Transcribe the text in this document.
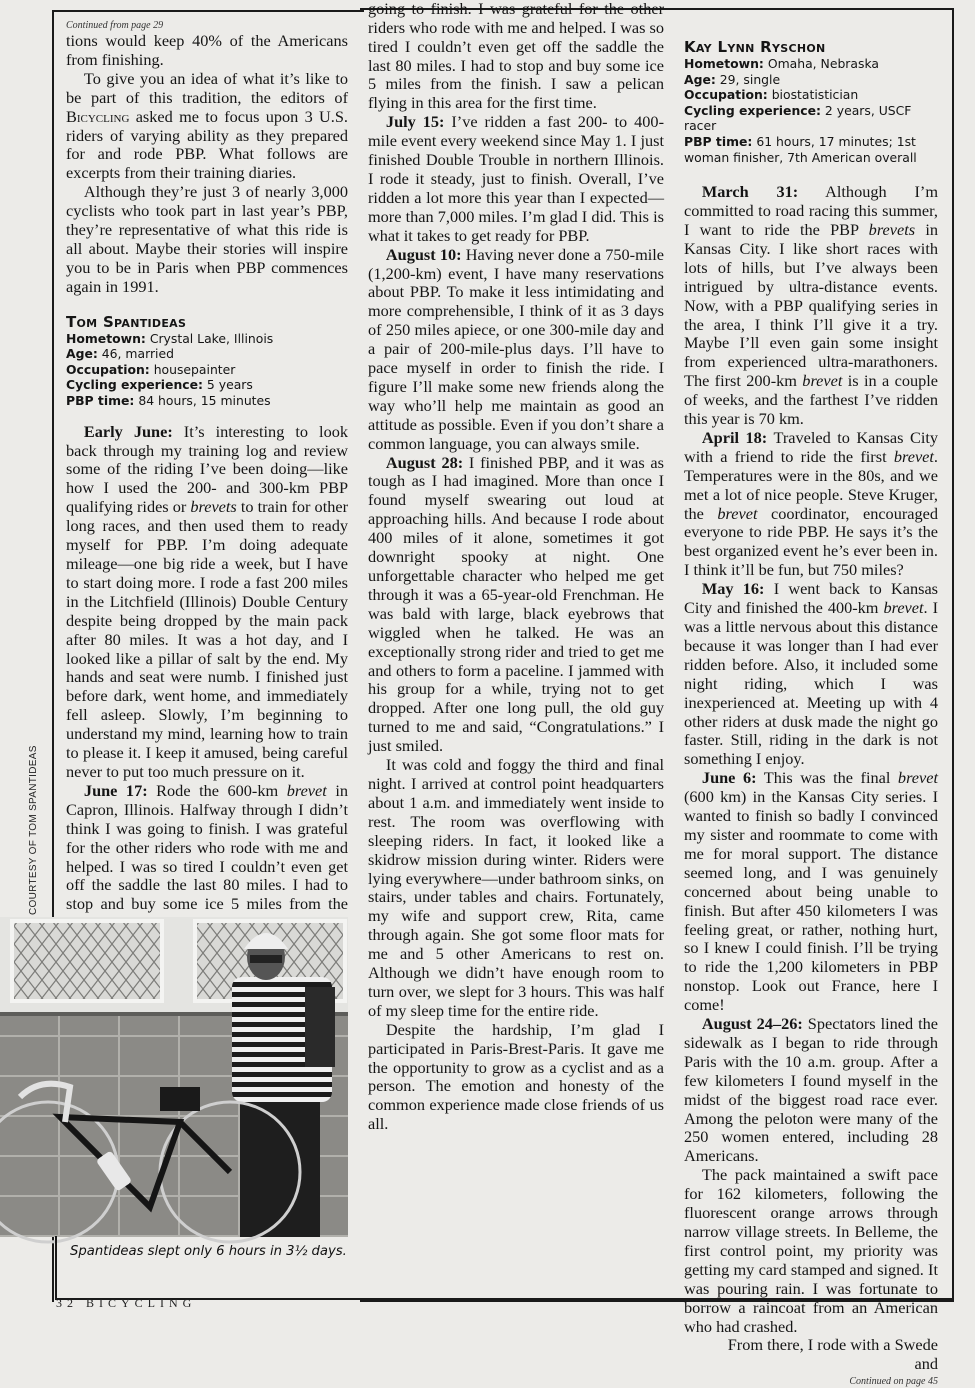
Continued from page 29

tions would keep 40% of the Americans from finishing.

To give you an idea of what it’s like to be part of this tradition, the editors of Bicycling asked me to focus upon 3 U.S. riders of varying ability as they prepared for and rode PBP. What follows are excerpts from their training diaries.

Although they’re just 3 of nearly 3,000 cyclists who took part in last year’s PBP, they’re representative of what this ride is all about. Maybe their stories will inspire you to be in Paris when PBP commences again in 1991.

Tom Spantideas
Hometown: Crystal Lake, Illinois
Age: 46, married
Occupation: housepainter
Cycling experience: 5 years
PBP time: 84 hours, 15 minutes

Early June: It’s interesting to look back through my training log and review some of the riding I’ve been doing—like how I used the 200- and 300-km PBP qualifying rides or brevets to train for other long races, and then used them to ready myself for PBP. I’m doing adequate mileage—one big ride a week, but I have to start doing more. I rode a fast 200 miles in the Litchfield (Illinois) Double Century despite being dropped by the main pack after 80 miles. It was a hot day, and I looked like a pillar of salt by the end. My hands and seat were numb. I finished just before dark, went home, and immediately fell asleep. Slowly, I’m beginning to understand my mind, learning how to train to please it. I keep it amused, being careful never to put too much pressure on it.

June 17: Rode the 600-km brevet in Capron, Illinois. Halfway through I didn’t think I was going to finish. I was grateful for the other riders who rode with me and helped. I was so tired I couldn’t even get off the saddle the last 80 miles. I had to stop and buy some ice 5 miles from the

COURTESY OF TOM SPANTIDEAS
Spantideas slept only 6 hours in 3½ days.

going to finish. I was grateful for the other riders who rode with me and helped. I was so tired I couldn’t even get off the saddle the last 80 miles. I had to stop and buy some ice 5 miles from the finish. I saw a pelican flying in this area for the first time.

July 15: I’ve ridden a fast 200- to 400-mile event every weekend since May 1. I just finished Double Trouble in northern Illinois. I rode it steady, just to finish. Overall, I’ve ridden a lot more this year than I expected—more than 7,000 miles. I’m glad I did. This is what it takes to get ready for PBP.

August 10: Having never done a 750-mile (1,200-km) event, I have many reservations about PBP. To make it less intimidating and more comprehensible, I think of it as 3 days of 250 miles apiece, or one 300-mile day and a pair of 200-mile-plus days. I’ll have to pace myself in order to finish the ride. I figure I’ll make some new friends along the way who’ll help me maintain as good an attitude as possible. Even if you don’t share a common language, you can always smile.

August 28: I finished PBP, and it was as tough as I had imagined. More than once I found myself swearing out loud at approaching hills. And because I rode about 400 miles of it alone, sometimes it got downright spooky at night. One unforgettable character who helped me get through it was a 65-year-old Frenchman. He was bald with large, black eyebrows that wiggled when he talked. He was an exceptionally strong rider and tried to get me and others to form a paceline. I jammed with his group for a while, trying not to get dropped. After one long pull, the old guy turned to me and said, “Congratulations.” I just smiled.

It was cold and foggy the third and final night. I arrived at control point headquarters about 1 a.m. and immediately went inside to rest. The room was overflowing with sleeping riders. In fact, it looked like a skidrow mission during winter. Riders were lying everywhere—under bathroom sinks, on stairs, under tables and chairs. Fortunately, my wife and support crew, Rita, came through again. She got some floor mats for me and 5 other Americans to rest on. Although we didn’t have enough room to turn over, we slept for 3 hours. This was half of my sleep time for the entire ride.

Despite the hardship, I’m glad I participated in Paris-Brest-Paris. It gave me the opportunity to grow as a cyclist and as a person. The emotion and honesty of the common experience made close friends of us all.

Kay Lynn Ryschon
Hometown: Omaha, Nebraska
Age: 29, single
Occupation: biostatistician
Cycling experience: 2 years, USCF racer
PBP time: 61 hours, 17 minutes; 1st woman finisher, 7th American overall

March 31: Although I’m committed to road racing this summer, I want to ride the PBP brevets in Kansas City. I like short races with lots of hills, but I’ve always been intrigued by ultra-distance events. Now, with a PBP qualifying series in the area, I think I’ll give it a try. Maybe I’ll even gain some insight from experienced ultra-marathoners. The first 200-km brevet is in a couple of weeks, and the farthest I’ve ridden this year is 70 km.

April 18: Traveled to Kansas City with a friend to ride the first brevet. Temperatures were in the 80s, and we met a lot of nice people. Steve Kruger, the brevet coordinator, encouraged everyone to ride PBP. He says it’s the best organized event he’s ever been in. I think it’ll be fun, but 750 miles?

May 16: I went back to Kansas City and finished the 400-km brevet. I was a little nervous about this distance because it was longer than I had ever ridden before. Also, it included some night riding, which I was inexperienced at. Meeting up with 4 other riders at dusk made the night go faster. Still, riding in the dark is not something I enjoy.

June 6: This was the final brevet (600 km) in the Kansas City series. I wanted to finish so badly I convinced my sister and roommate to come with me for moral support. The distance seemed long, and I was genuinely concerned about being unable to finish. But after 450 kilometers I was feeling great, or rather, nothing hurt, so I knew I could finish. I’ll be trying to ride the 1,200 kilometers in PBP nonstop. Look out France, here I come!

August 24–26: Spectators lined the sidewalk as I began to ride through Paris with the 10 a.m. group. After a few kilometers I found myself in the midst of the biggest road race ever. Among the peloton were many of the 250 women entered, including 28 Americans.

The pack maintained a swift pace for 162 kilometers, following the fluorescent orange arrows through narrow village streets. In Belleme, the first control point, my priority was getting my card stamped and signed. It was pouring rain. I was fortunate to borrow a raincoat from an American who had crashed.

From there, I rode with a Swede and

Continued on page 45
32 BICYCLING
